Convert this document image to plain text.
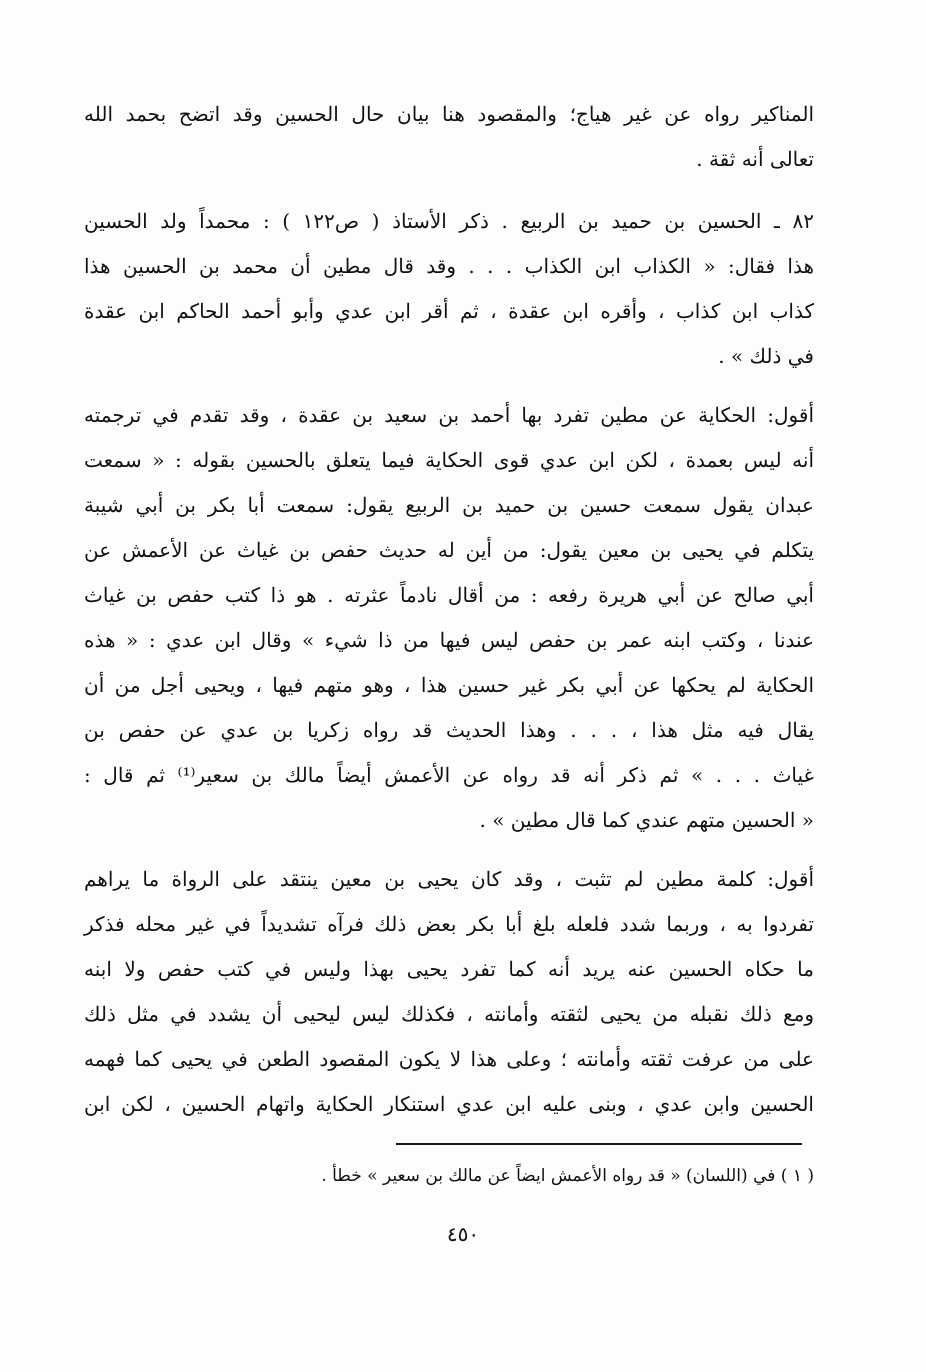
المناكير رواه عن غير هياج؛ والمقصود هنا بيان حال الحسين وقد اتضح بحمد الله
تعالى أنه ثقة .

٨٢ ـ الحسين بن حميد بن الربيع . ذكر الأستاذ ( ص١٢٢ ) : محمداً ولد الحسين
هذا فقال: « الكذاب ابن الكذاب . . . وقد قال مطين أن محمد بن الحسين هذا
كذاب ابن كذاب ، وأقره ابن عقدة ، ثم أقر ابن عدي وأبو أحمد الحاكم ابن عقدة
في ذلك » .

أقول: الحكاية عن مطين تفرد بها أحمد بن سعيد بن عقدة ، وقد تقدم في ترجمته
أنه ليس بعمدة ، لكن ابن عدي قوى الحكاية فيما يتعلق بالحسين بقوله : « سمعت
عبدان يقول سمعت حسين بن حميد بن الربيع يقول: سمعت أبا بكر بن أبي شيبة
يتكلم في يحيى بن معين يقول: من أين له حديث حفص بن غياث عن الأعمش عن
أبي صالح عن أبي هريرة رفعه : من أقال نادماً عثرته . هو ذا كتب حفص بن غياث
عندنا ، وكتب ابنه عمر بن حفص ليس فيها من ذا شيء » وقال ابن عدي : « هذه
الحكاية لم يحكها عن أبي بكر غير حسين هذا ، وهو متهم فيها ، ويحيى أجل من أن
يقال فيه مثل هذا ، . . . وهذا الحديث قد رواه زكريا بن عدي عن حفص بن
غياث . . . » ثم ذكر أنه قد رواه عن الأعمش أيضاً مالك بن سعير⁽¹⁾ ثم قال :
« الحسين متهم عندي كما قال مطين » .

أقول: كلمة مطين لم تثبت ، وقد كان يحيى بن معين ينتقد على الرواة ما يراهم
تفردوا به ، وربما شدد فلعله بلغ أبا بكر بعض ذلك فرآه تشديداً في غير محله فذكر
ما حكاه الحسين عنه يريد أنه كما تفرد يحيى بهذا وليس في كتب حفص ولا ابنه
ومع ذلك نقبله من يحيى لثقته وأمانته ، فكذلك ليس ليحيى أن يشدد في مثل ذلك
على من عرفت ثقته وأمانته ؛ وعلى هذا لا يكون المقصود الطعن في يحيى كما فهمه
الحسين وابن عدي ، وبنى عليه ابن عدي استنكار الحكاية واتهام الحسين ، لكن ابن

( ١ ) في (اللسان) « قد رواه الأعمش ايضاً عن مالك بن سعير » خطأ .
٤٥٠
